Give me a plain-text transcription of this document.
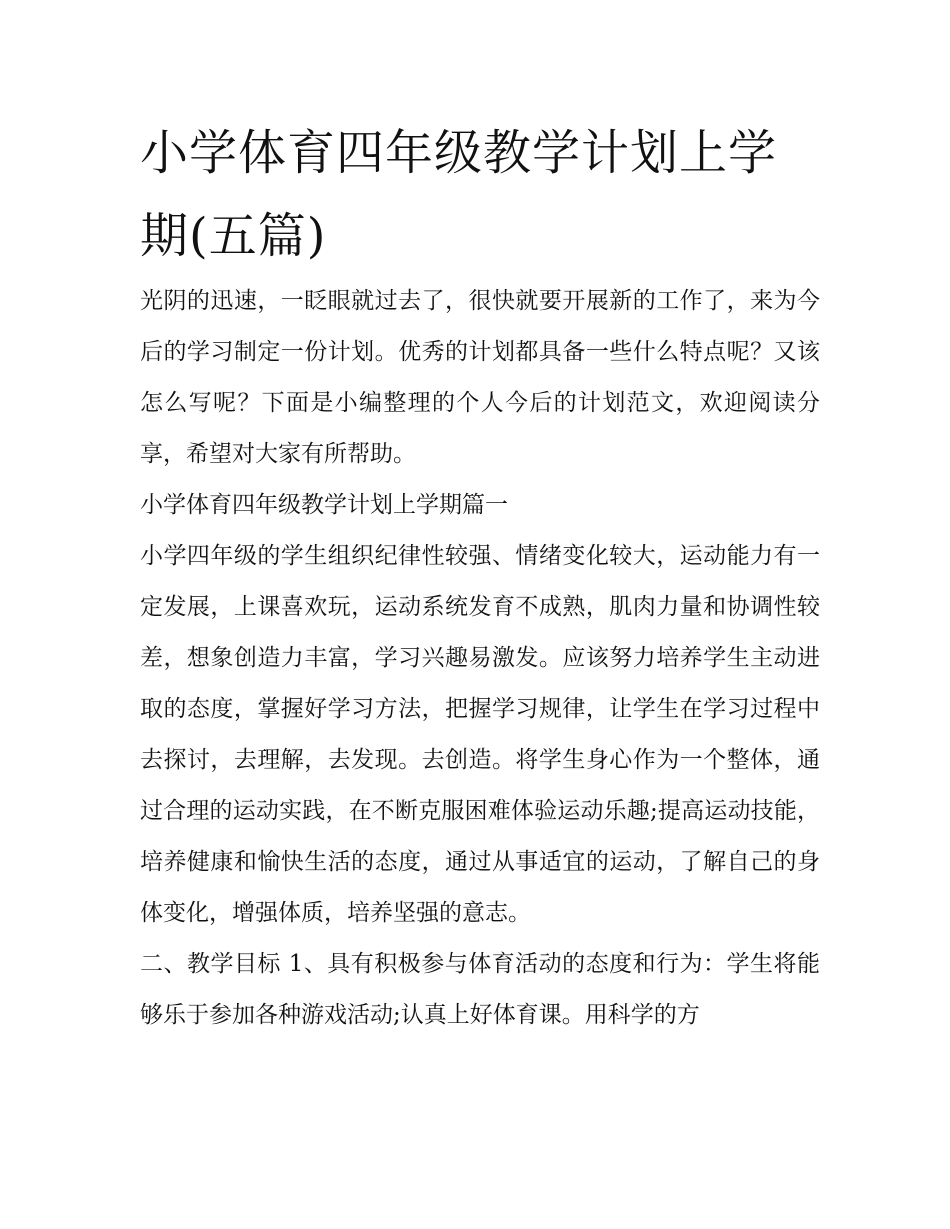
小学体育四年级教学计划上学期(五篇)

光阴的迅速，一眨眼就过去了，很快就要开展新的工作了，来为今后的学习制定一份计划。优秀的计划都具备一些什么特点呢？又该怎么写呢？下面是小编整理的个人今后的计划范文，欢迎阅读分享，希望对大家有所帮助。

小学体育四年级教学计划上学期篇一

小学四年级的学生组织纪律性较强、情绪变化较大，运动能力有一定发展，上课喜欢玩，运动系统发育不成熟，肌肉力量和协调性较差，想象创造力丰富，学习兴趣易激发。应该努力培养学生主动进取的态度，掌握好学习方法，把握学习规律，让学生在学习过程中去探讨，去理解，去发现。去创造。将学生身心作为一个整体，通过合理的运动实践，在不断克服困难体验运动乐趣;提高运动技能，培养健康和愉快生活的态度，通过从事适宜的运动，了解自己的身体变化，增强体质，培养坚强的意志。

二、教学目标 1、具有积极参与体育活动的态度和行为：学生将能够乐于参加各种游戏活动;认真上好体育课。用科学的方
